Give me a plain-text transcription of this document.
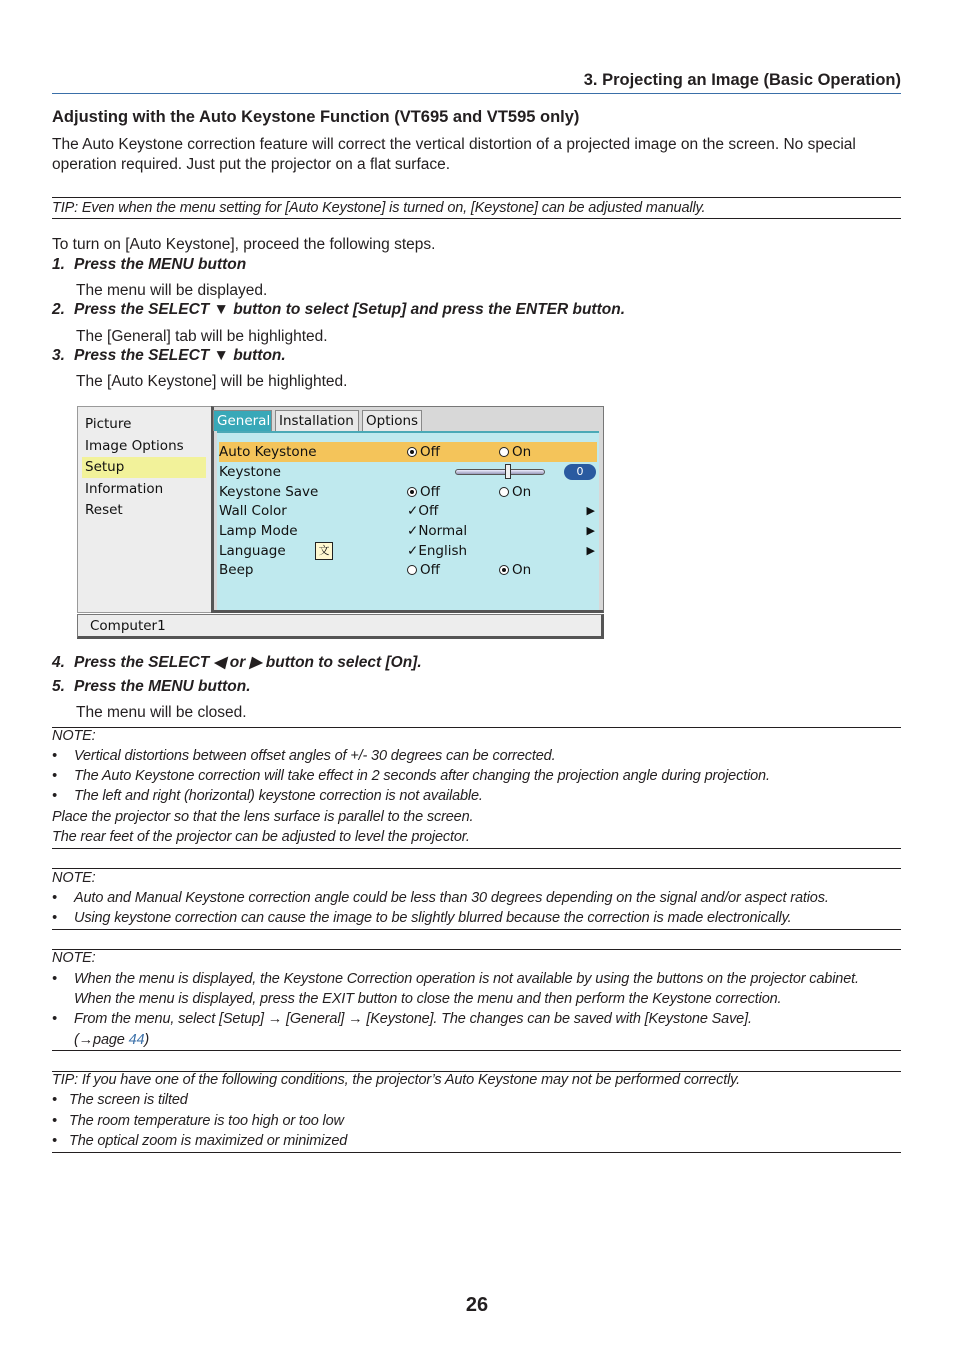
3. Projecting an Image (Basic Operation)
Adjusting with the Auto Keystone Function (VT695 and VT595 only)
The Auto Keystone correction feature will correct the vertical distortion of a projected image on the screen. No special operation required. Just put the projector on a flat surface.
TIP: Even when the menu setting for [Auto Keystone] is turned on, [Keystone] can be adjusted manually.
To turn on [Auto Keystone], proceed the following steps.
1. Press the MENU button
The menu will be displayed.
2. Press the SELECT ▼ button to select [Setup] and press the ENTER button.
The [General] tab will be highlighted.
3. Press the SELECT ▼ button.
The [Auto Keystone] will be highlighted.
Picture
Image Options
Setup
Information
Reset
General Installation Options
Auto Keystone	Off	On
Keystone	0
Keystone Save	Off	On
Wall Color	✓Off	▶
Lamp Mode	✓Normal	▶
Language	文	✓English	▶
Beep	Off	On
Computer1
4. Press the SELECT ◀ or ▶ button to select [On].
5. Press the MENU button.
The menu will be closed.
NOTE:
• Vertical distortions between offset angles of +/- 30 degrees can be corrected.
• The Auto Keystone correction will take effect in 2 seconds after changing the projection angle during projection.
• The left and right (horizontal) keystone correction is not available.
Place the projector so that the lens surface is parallel to the screen.
The rear feet of the projector can be adjusted to level the projector.
NOTE:
• Auto and Manual Keystone correction angle could be less than 30 degrees depending on the signal and/or aspect ratios.
• Using keystone correction can cause the image to be slightly blurred because the correction is made electronically.
NOTE:
• When the menu is displayed, the Keystone Correction operation is not available by using the buttons on the projector cabinet.
When the menu is displayed, press the EXIT button to close the menu and then perform the Keystone correction.
• From the menu, select [Setup] → [General] → [Keystone]. The changes can be saved with [Keystone Save].
(→page 44)
TIP: If you have one of the following conditions, the projector’s Auto Keystone may not be performed correctly.
• The screen is tilted
• The room temperature is too high or too low
• The optical zoom is maximized or minimized
26
